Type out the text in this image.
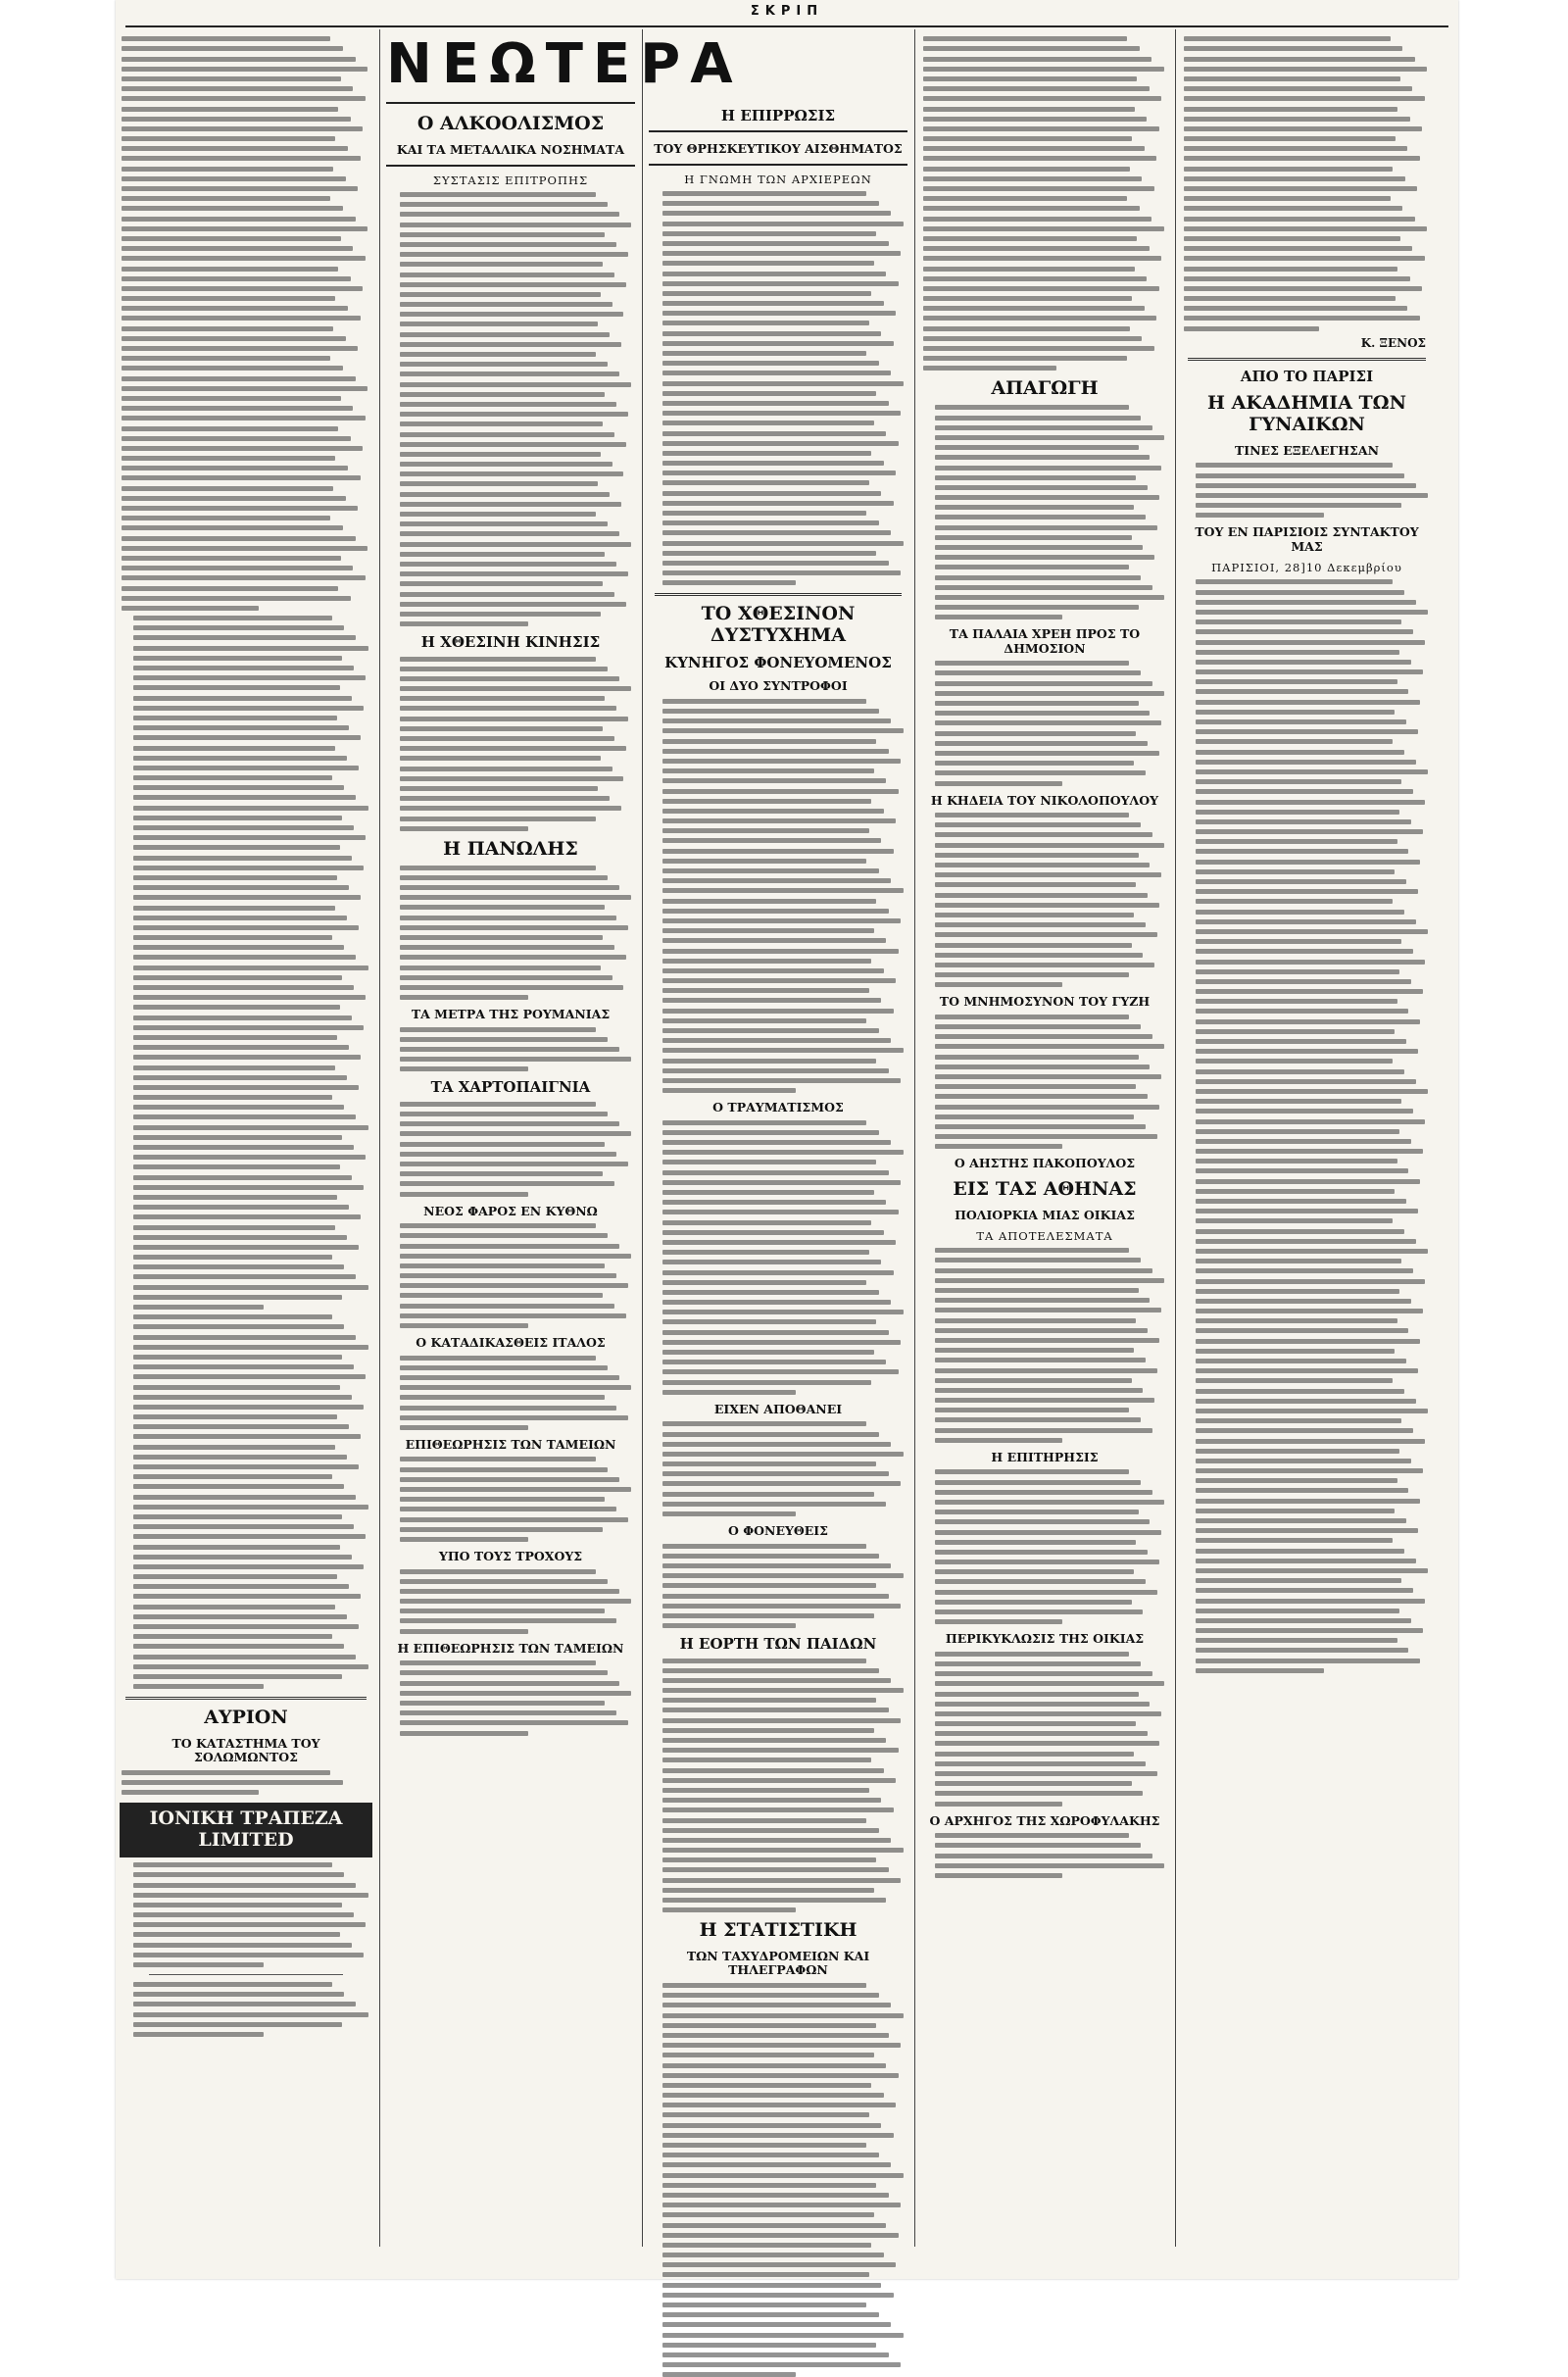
ΣΚΡΙΠ
ΑΥΡΙΟΝ
ΤΟ ΚΑΤΑΣΤΗΜΑ ΤΟΥ ΣΟΛΩΜΩΝΤΟΣ
ΙΟΝΙΚΗ ΤΡΑΠΕΖΑ LIMITED
ΝΕΩΤΕΡΑ
Ο ΑΛΚΟΟΛΙΣΜΟΣ
ΚΑΙ ΤΑ ΜΕΤΑΛΛΙΚΑ ΝΟΣΗΜΑΤΑ
ΣΥΣΤΑΣΙΣ ΕΠΙΤΡΟΠΗΣ
Η ΧΘΕΣΙΝΗ ΚΙΝΗΣΙΣ
Η ΠΑΝΩΛΗΣ
ΤΑ ΜΕΤΡΑ ΤΗΣ ΡΟΥΜΑΝΙΑΣ
ΤΑ ΧΑΡΤΟΠΑΙΓΝΙΑ
ΝΕΟΣ ΦΑΡΟΣ ΕΝ ΚΥΘΝΩ
Ο ΚΑΤΑΔΙΚΑΣΘΕΙΣ ΙΤΑΛΟΣ
ΕΠΙΘΕΩΡΗΣΙΣ ΤΩΝ ΤΑΜΕΙΩΝ
ΥΠΟ ΤΟΥΣ ΤΡΟΧΟΥΣ
Η ΕΠΙΘΕΩΡΗΣΙΣ ΤΩΝ ΤΑΜΕΙΩΝ
Η ΕΠΙΡΡΩΣΙΣ
ΤΟΥ ΘΡΗΣΚΕΥΤΙΚΟΥ ΑΙΣΘΗΜΑΤΟΣ
Η ΓΝΩΜΗ ΤΩΝ ΑΡΧΙΕΡΕΩΝ
ΤΟ ΧΘΕΣΙΝΟΝ ΔΥΣΤΥΧΗΜΑ
ΚΥΝΗΓΟΣ ΦΟΝΕΥΟΜΕΝΟΣ
ΟΙ ΔΥΟ ΣΥΝΤΡΟΦΟΙ
Ο ΤΡΑΥΜΑΤΙΣΜΟΣ
ΕΙΧΕΝ ΑΠΟΘΑΝΕΙ
Ο ΦΟΝΕΥΘΕΙΣ
Η ΕΟΡΤΗ ΤΩΝ ΠΑΙΔΩΝ
Η ΣΤΑΤΙΣΤΙΚΗ
ΤΩΝ ΤΑΧΥΔΡΟΜΕΙΩΝ ΚΑΙ ΤΗΛΕΓΡΑΦΩΝ
ΑΠΑΓΩΓΗ
ΤΑ ΠΑΛΑΙΑ ΧΡΕΗ ΠΡΟΣ ΤΟ ΔΗΜΟΣΙΟΝ
Η ΚΗΔΕΙΑ ΤΟΥ ΝΙΚΟΛΟΠΟΥΛΟΥ
ΤΟ ΜΝΗΜΟΣΥΝΟΝ ΤΟΥ ΓΥΖΗ
Ο ΑΗΣΤΗΣ ΠΑΚΟΠΟΥΛΟΣ
ΕΙΣ ΤΑΣ ΑΘΗΝΑΣ
ΠΟΛΙΟΡΚΙΑ ΜΙΑΣ ΟΙΚΙΑΣ
ΤΑ ΑΠΟΤΕΛΕΣΜΑΤΑ
Η ΕΠΙΤΗΡΗΣΙΣ
ΠΕΡΙΚΥΚΛΩΣΙΣ ΤΗΣ ΟΙΚΙΑΣ
Ο ΑΡΧΗΓΟΣ ΤΗΣ ΧΩΡΟΦΥΛΑΚΗΣ
Κ. ΞΕΝΟΣ
ΑΠΟ ΤΟ ΠΑΡΙΣΙ
Η ΑΚΑΔΗΜΙΑ ΤΩΝ ΓΥΝΑΙΚΩΝ
ΤΙΝΕΣ ΕΞΕΛΕΓΗΣΑΝ
ΤΟΥ ΕΝ ΠΑΡΙΣΙΟΙΣ ΣΥΝΤΑΚΤΟΥ ΜΑΣ
ΠΑΡΙΣΙΟΙ, 28]10 Δεκεμβρίου
